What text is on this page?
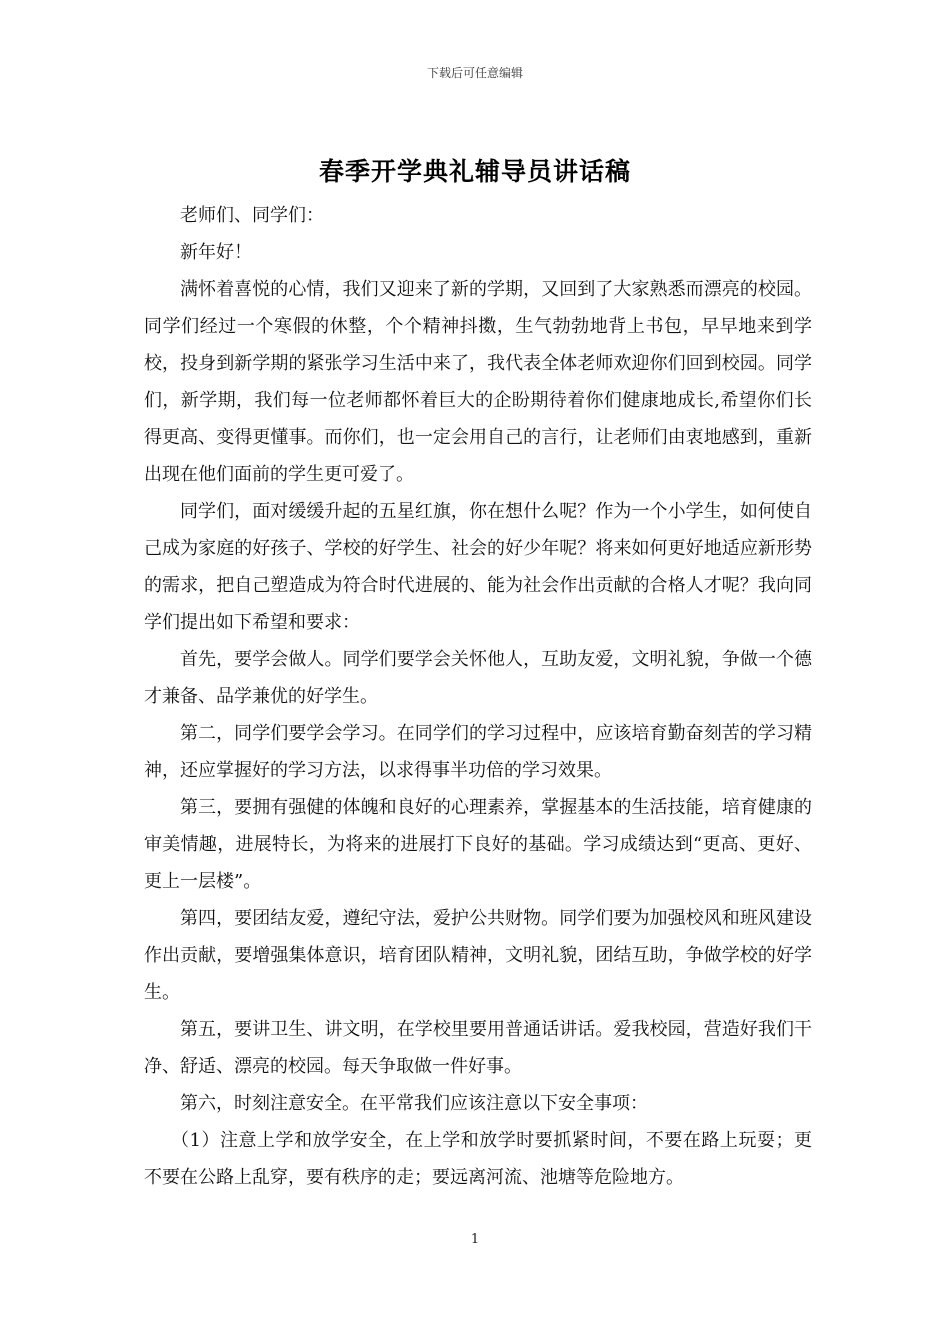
下载后可任意编辑
春季开学典礼辅导员讲话稿

老师们、同学们：

新年好！

满怀着喜悦的心情，我们又迎来了新的学期，又回到了大家熟悉而漂亮的校园。同学们经过一个寒假的休整，个个精神抖擞，生气勃勃地背上书包，早早地来到学校，投身到新学期的紧张学习生活中来了，我代表全体老师欢迎你们回到校园。同学们，新学期，我们每一位老师都怀着巨大的企盼期待着你们健康地成长,希望你们长得更高、变得更懂事。而你们，也一定会用自己的言行，让老师们由衷地感到，重新出现在他们面前的学生更可爱了。

同学们，面对缓缓升起的五星红旗，你在想什么呢？作为一个小学生，如何使自己成为家庭的好孩子、学校的好学生、社会的好少年呢？将来如何更好地适应新形势的需求，把自己塑造成为符合时代进展的、能为社会作出贡献的合格人才呢？我向同学们提出如下希望和要求：

首先，要学会做人。同学们要学会关怀他人，互助友爱，文明礼貌，争做一个德才兼备、品学兼优的好学生。

第二，同学们要学会学习。在同学们的学习过程中，应该培育勤奋刻苦的学习精神，还应掌握好的学习方法，以求得事半功倍的学习效果。

第三，要拥有强健的体魄和良好的心理素养，掌握基本的生活技能，培育健康的审美情趣，进展特长，为将来的进展打下良好的基础。学习成绩达到“更高、更好、更上一层楼”。

第四，要团结友爱，遵纪守法，爱护公共财物。同学们要为加强校风和班风建设作出贡献，要增强集体意识，培育团队精神，文明礼貌，团结互助，争做学校的好学生。

第五，要讲卫生、讲文明，在学校里要用普通话讲话。爱我校园，营造好我们干净、舒适、漂亮的校园。每天争取做一件好事。

第六，时刻注意安全。在平常我们应该注意以下安全事项：

（1）注意上学和放学安全，在上学和放学时要抓紧时间，不要在路上玩耍；更不要在公路上乱穿，要有秩序的走；要远离河流、池塘等危险地方。

1
